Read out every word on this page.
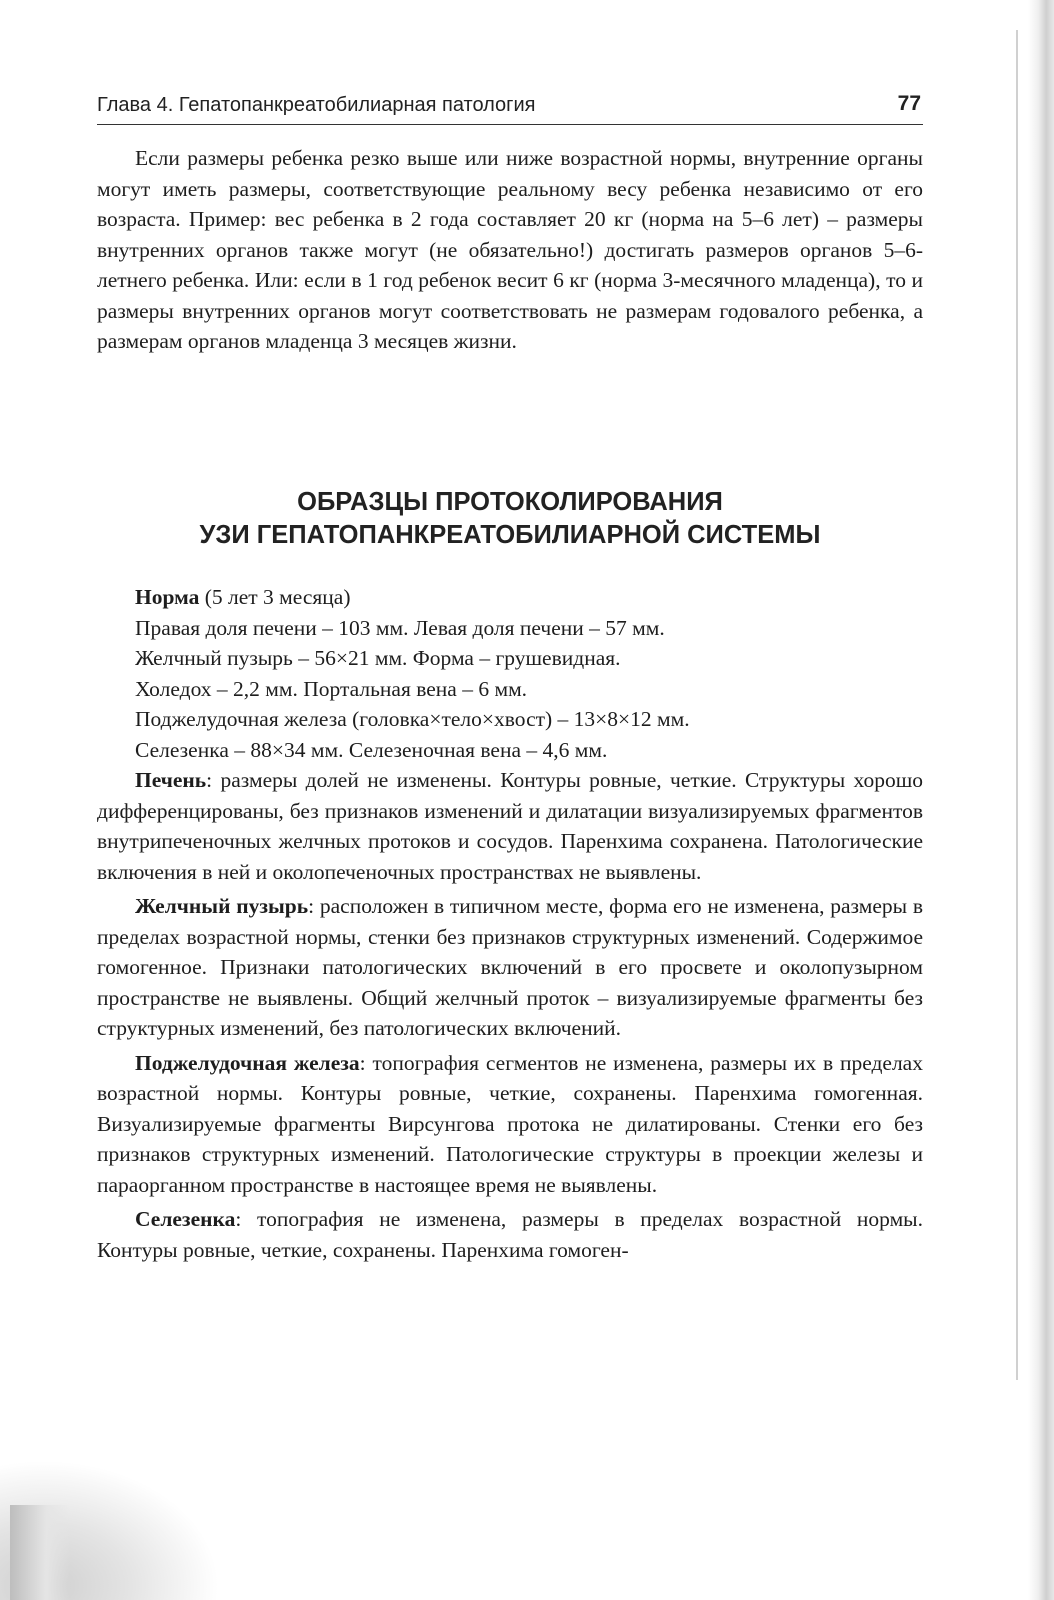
Глава 4. Гепатопанкреатобилиарная патология	77

Если размеры ребенка резко выше или ниже возрастной нормы, внутренние органы могут иметь размеры, соответствующие реальному весу ребенка независимо от его возраста. Пример: вес ребенка в 2 года составляет 20 кг (норма на 5–6 лет) – размеры внутренних органов также могут (не обязательно!) достигать размеров органов 5–6-летнего ребенка. Или: если в 1 год ребенок весит 6 кг (норма 3-месячного младенца), то и размеры внутренних органов могут соответствовать не размерам годовалого ребенка, а размерам органов младенца 3 месяцев жизни.

ОБРАЗЦЫ ПРОТОКОЛИРОВАНИЯ
УЗИ ГЕПАТОПАНКРЕАТОБИЛИАРНОЙ СИСТЕМЫ
Норма (5 лет 3 месяца)
Правая доля печени – 103 мм. Левая доля печени – 57 мм.
Желчный пузырь – 56×21 мм. Форма – грушевидная.
Холедох – 2,2 мм. Портальная вена – 6 мм.
Поджелудочная железа (головка×тело×хвост) – 13×8×12 мм.
Селезенка – 88×34 мм. Селезеночная вена – 4,6 мм.

Печень: размеры долей не изменены. Контуры ровные, четкие. Структуры хорошо дифференцированы, без признаков изменений и дилатации визуализируемых фрагментов внутрипеченочных желчных протоков и сосудов. Паренхима сохранена. Патологические включения в ней и околопеченочных пространствах не выявлены.

Желчный пузырь: расположен в типичном месте, форма его не изменена, размеры в пределах возрастной нормы, стенки без признаков структурных изменений. Содержимое гомогенное. Признаки патологических включений в его просвете и околопузырном пространстве не выявлены. Общий желчный проток – визуализируемые фрагменты без структурных изменений, без патологических включений.

Поджелудочная железа: топография сегментов не изменена, размеры их в пределах возрастной нормы. Контуры ровные, четкие, сохранены. Паренхима гомогенная. Визуализируемые фрагменты Вирсунгова протока не дилатированы. Стенки его без признаков структурных изменений. Патологические структуры в проекции железы и параорганном пространстве в настоящее время не выявлены.

Селезенка: топография не изменена, размеры в пределах возрастной нормы. Контуры ровные, четкие, сохранены. Паренхима гомоген-
